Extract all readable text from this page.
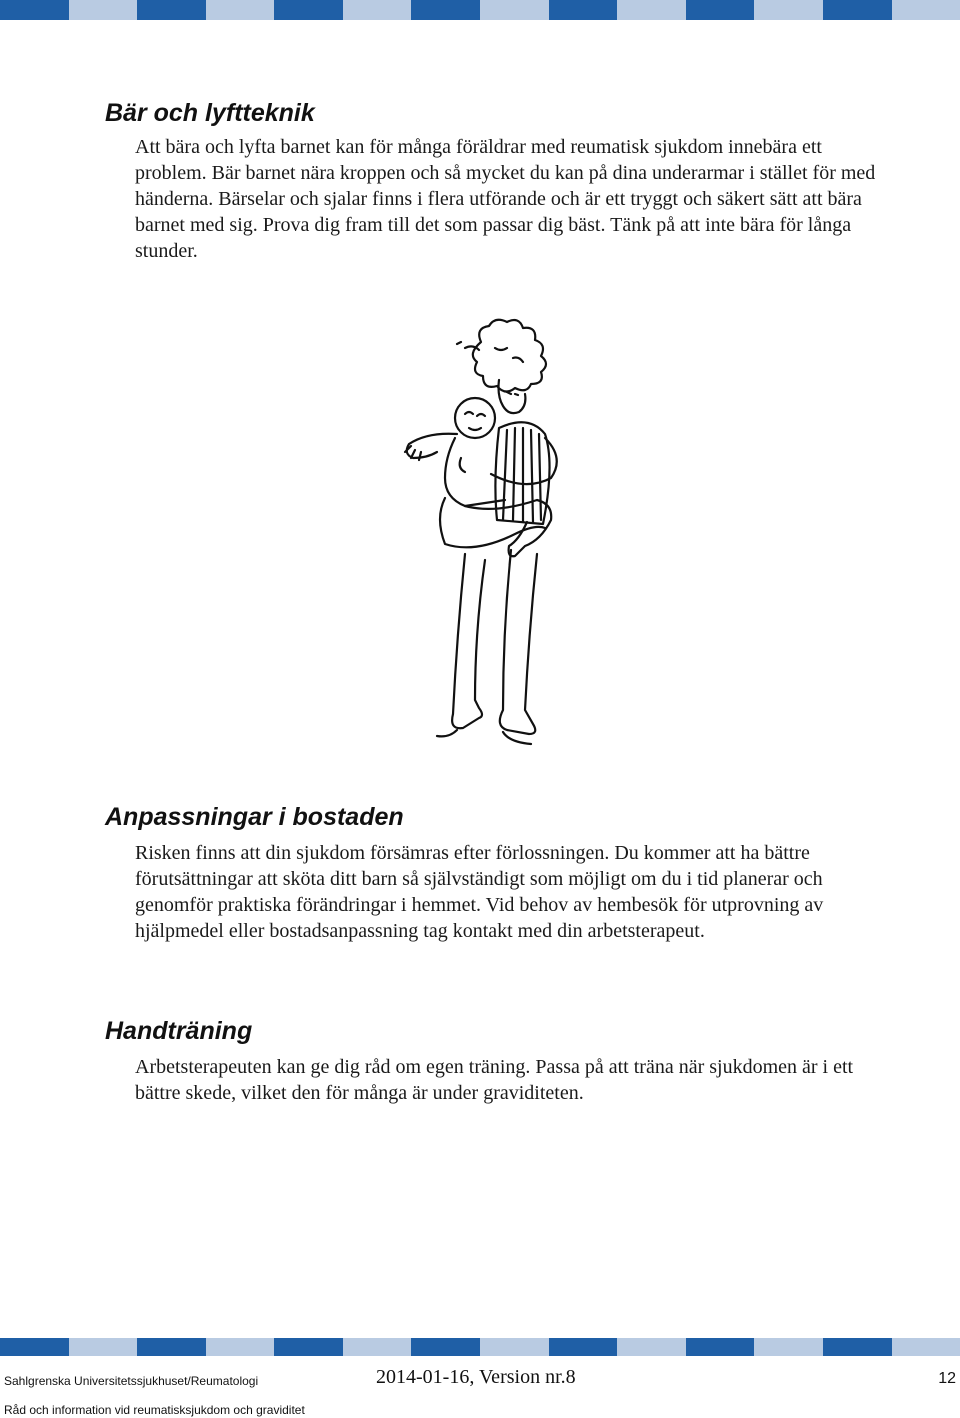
Bär och lyftteknik

Att bära och lyfta barnet kan för många föräldrar med reumatisk sjukdom innebära ett problem. Bär barnet nära kroppen och så mycket du kan på dina underarmar i stället för med händerna. Bärselar och sjalar finns i flera utförande och är ett tryggt och säkert sätt att bära barnet med sig. Prova dig fram till det som passar dig bäst. Tänk på att inte bära för långa stunder.

Anpassningar i bostaden

Risken finns att din sjukdom försämras efter förlossningen. Du kommer att ha bättre förutsättningar att sköta ditt barn så självständigt som möjligt om du i tid planerar och genomför praktiska förändringar i hemmet. Vid behov av hembesök för utprovning av hjälpmedel eller bostadsanpassning tag kontakt med din arbetsterapeut.

Handträning

Arbetsterapeuten kan ge dig råd om egen träning. Passa på att träna när sjukdomen är i ett bättre skede, vilket den för många är under graviditeten.

Sahlgrenska Universitetssjukhuset/Reumatologi	2014-01-16, Version nr.8	12
Råd och information vid reumatisksjukdom och graviditet
